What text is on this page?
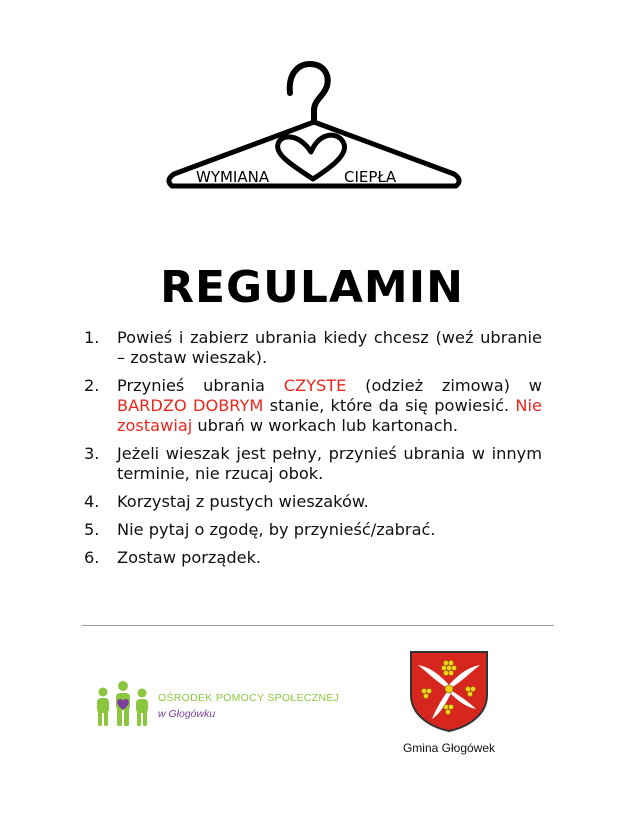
WYMIANA	CIEPŁA
REGULAMIN
1.	Powieś i zabierz ubrania kiedy chcesz (weź ubranie – zostaw wieszak).
2.	Przynieś ubrania CZYSTE (odzież zimowa) w BARDZO DOBRYM stanie, które da się powiesić. Nie zostawiaj ubrań w workach lub kartonach.
3.	Jeżeli wieszak jest pełny, przynieś ubrania w innym terminie, nie rzucaj obok.
4.	Korzystaj z pustych wieszaków.
5.	Nie pytaj o zgodę, by przynieść/zabrać.
6.	Zostaw porządek.
OŚRODEK POMOCY SPOŁECZNEJ
w Głogówku
Gmina Głogówek
